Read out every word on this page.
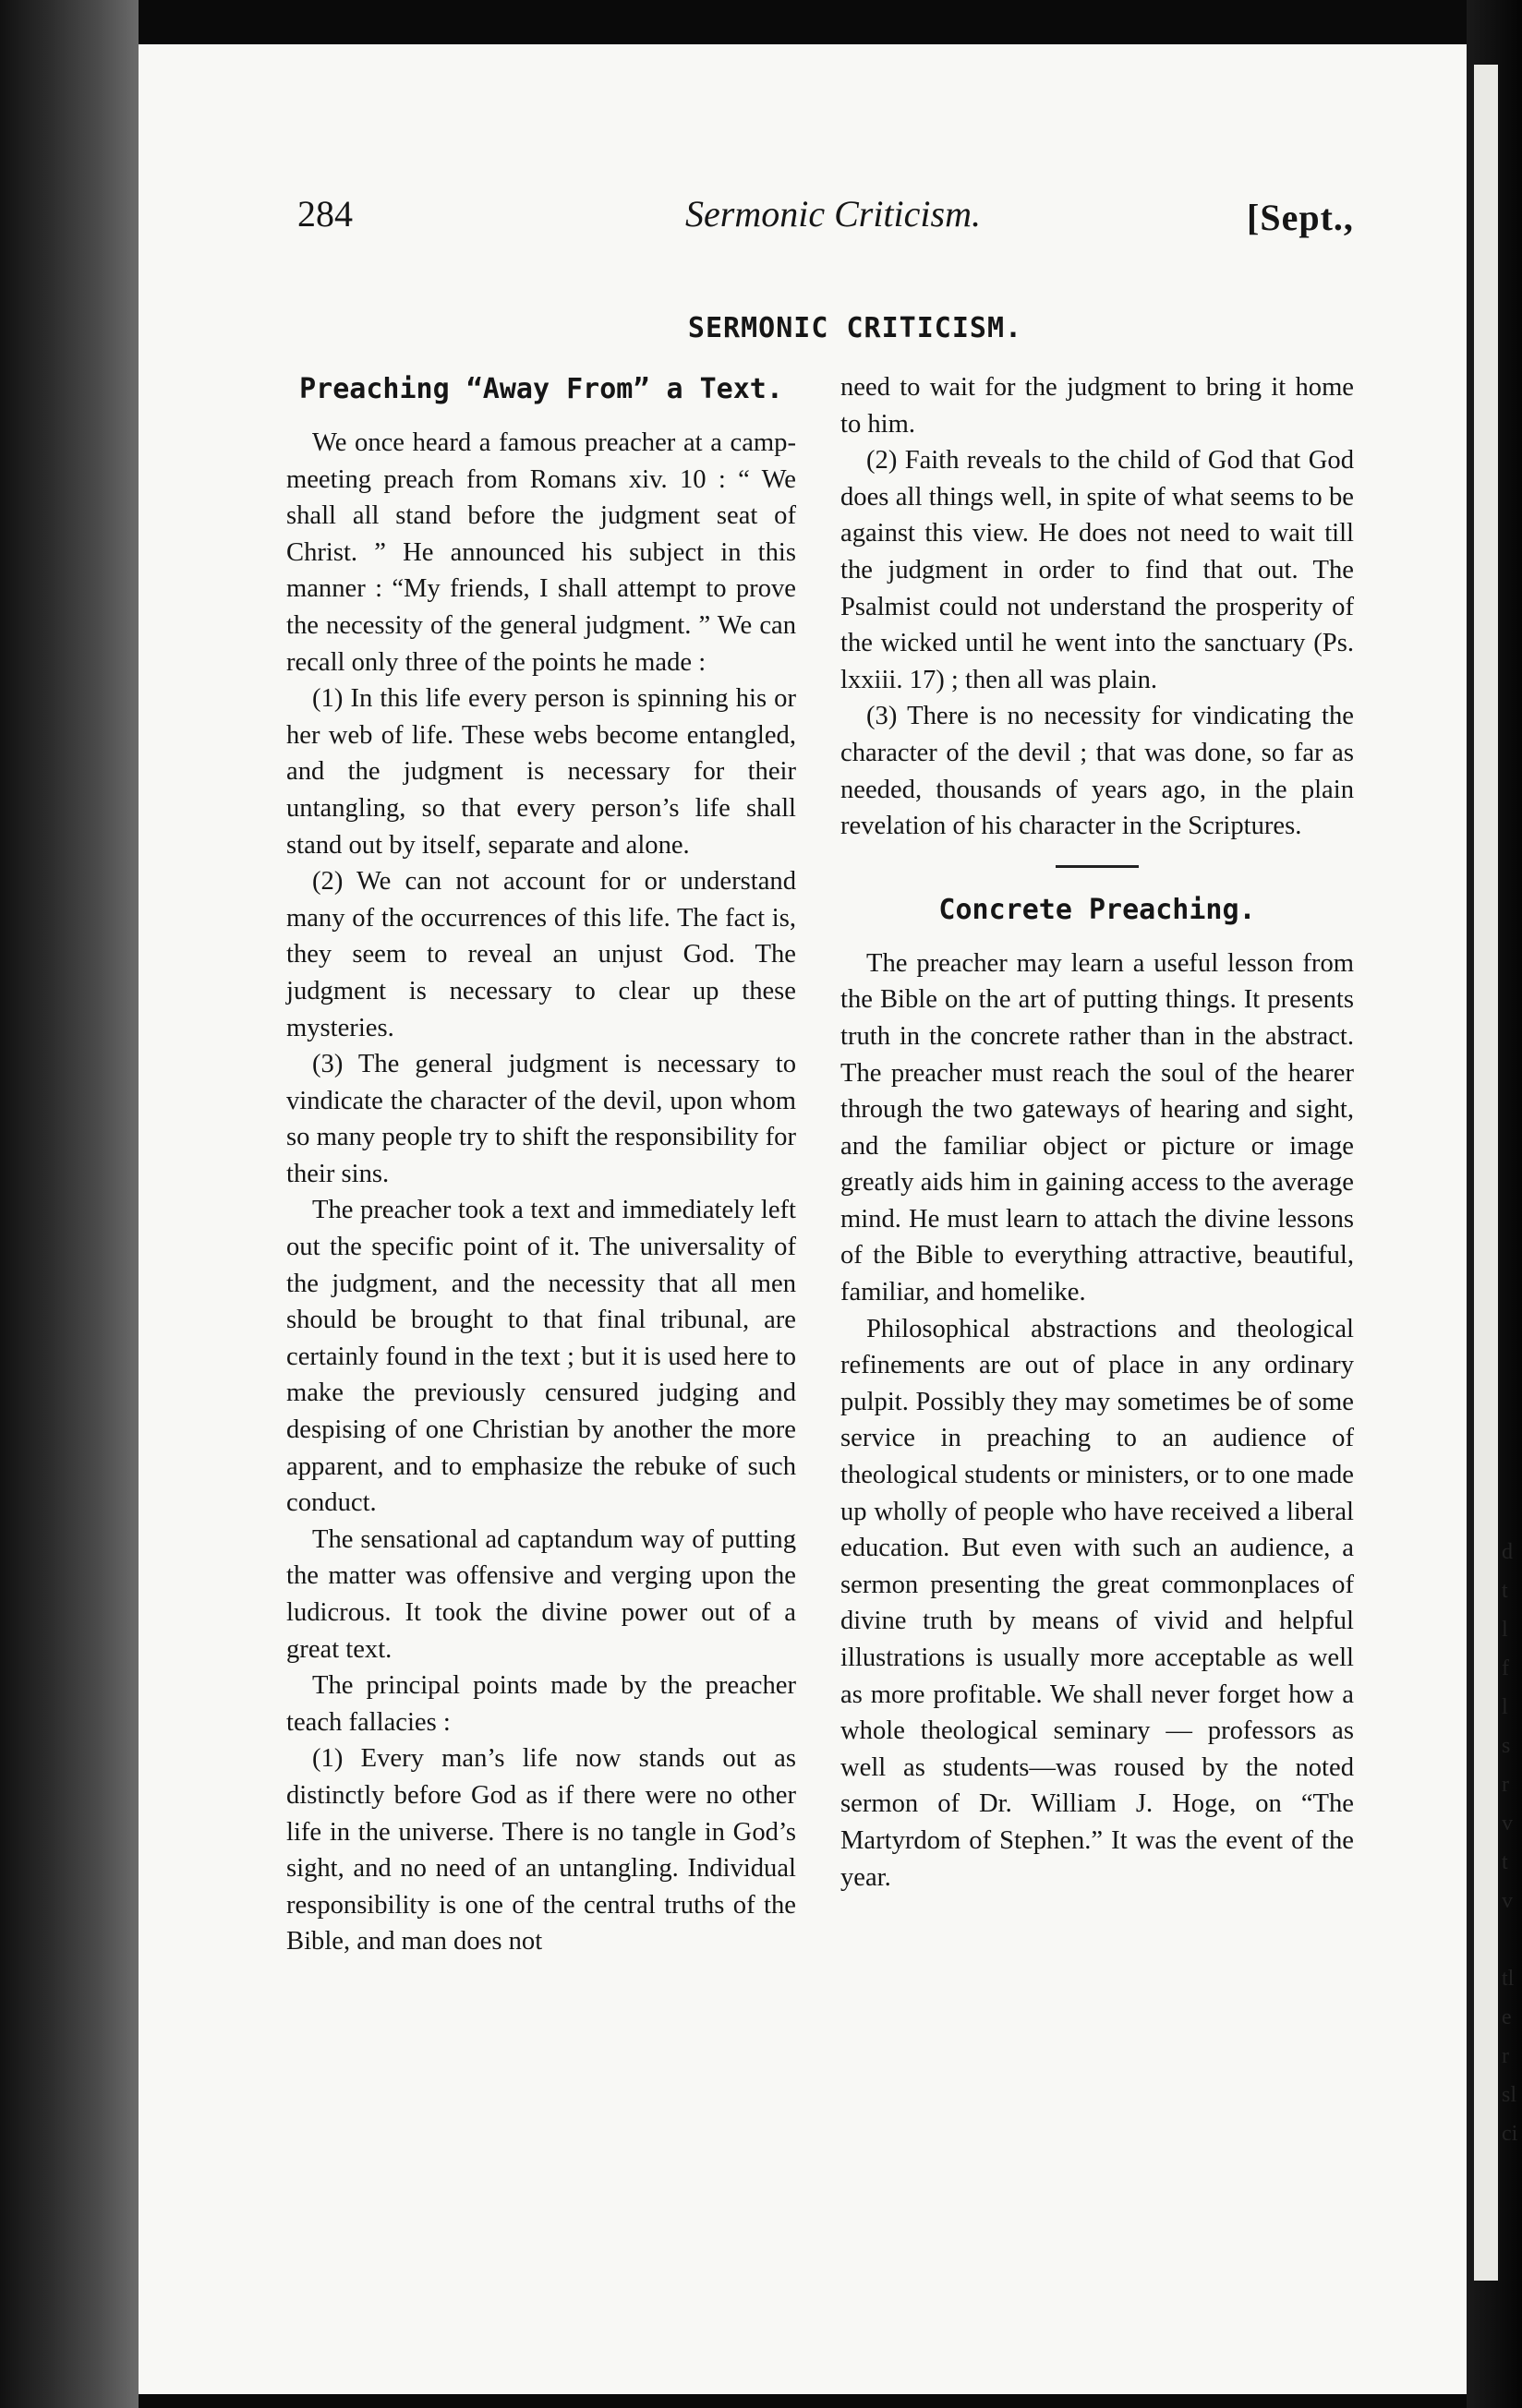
d
t
l
f
l
s
r
v
t
v

tl
e
r
sl
ci
284	Sermonic Criticism.	[Sept.,
SERMONIC CRITICISM.
Preaching “Away From” a Text.

We once heard a famous preacher at a camp-meeting preach from Romans xiv. 10 : “ We shall all stand before the judgment seat of Christ. ” He announced his subject in this manner : “My friends, I shall attempt to prove the necessity of the general judgment. ” We can recall only three of the points he made :

(1) In this life every person is spinning his or her web of life. These webs become entangled, and the judgment is necessary for their untangling, so that every person’s life shall stand out by itself, separate and alone.

(2) We can not account for or understand many of the occurrences of this life. The fact is, they seem to reveal an unjust God. The judgment is necessary to clear up these mysteries.

(3) The general judgment is necessary to vindicate the character of the devil, upon whom so many people try to shift the responsibility for their sins.

The preacher took a text and immediately left out the specific point of it. The universality of the judgment, and the necessity that all men should be brought to that final tribunal, are certainly found in the text ; but it is used here to make the previously censured judging and despising of one Christian by another the more apparent, and to emphasize the rebuke of such conduct.

The sensational ad captandum way of putting the matter was offensive and verging upon the ludicrous. It took the divine power out of a great text.

The principal points made by the preacher teach fallacies :

(1) Every man’s life now stands out as distinctly before God as if there were no other life in the universe. There is no tangle in God’s sight, and no need of an untangling. Individual responsibility is one of the central truths of the Bible, and man does not

need to wait for the judgment to bring it home to him.

(2) Faith reveals to the child of God that God does all things well, in spite of what seems to be against this view. He does not need to wait till the judgment in order to find that out. The Psalmist could not understand the prosperity of the wicked until he went into the sanctuary (Ps. lxxiii. 17) ; then all was plain.

(3) There is no necessity for vindicating the character of the devil ; that was done, so far as needed, thousands of years ago, in the plain revelation of his character in the Scriptures.

Concrete Preaching.

The preacher may learn a useful lesson from the Bible on the art of putting things. It presents truth in the concrete rather than in the abstract. The preacher must reach the soul of the hearer through the two gateways of hearing and sight, and the familiar object or picture or image greatly aids him in gaining access to the average mind. He must learn to attach the divine lessons of the Bible to everything attractive, beautiful, familiar, and homelike.

Philosophical abstractions and theological refinements are out of place in any ordinary pulpit. Possibly they may sometimes be of some service in preaching to an audience of theological students or ministers, or to one made up wholly of people who have received a liberal education. But even with such an audience, a sermon presenting the great commonplaces of divine truth by means of vivid and helpful illustrations is usually more acceptable as well as more profitable. We shall never forget how a whole theological seminary — professors as well as students—was roused by the noted sermon of Dr. William J. Hoge, on “The Martyrdom of Stephen.” It was the event of the year.
